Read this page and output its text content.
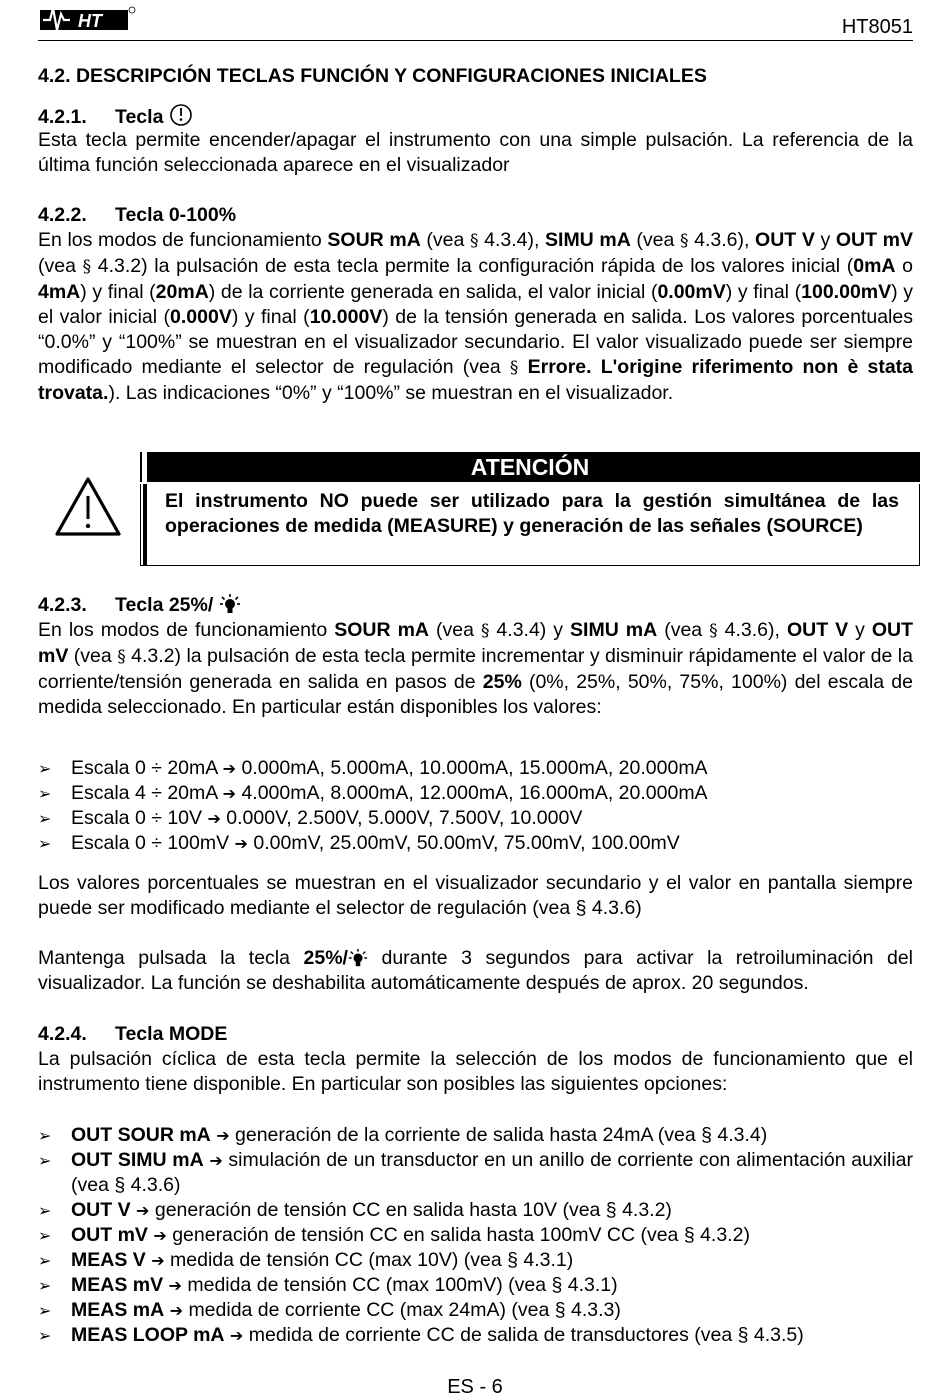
HT	HT8051
4.2. DESCRIPCIÓN TECLAS FUNCIÓN Y CONFIGURACIONES INICIALES
4.2.1. Tecla
Esta tecla permite encender/apagar el instrumento con una simple pulsación. La referencia de la última función seleccionada aparece en el visualizador
4.2.2. Tecla 0-100%
En los modos de funcionamiento SOUR mA (vea § 4.3.4), SIMU mA (vea § 4.3.6), OUT V y OUT mV (vea § 4.3.2) la pulsación de esta tecla permite la configuración rápida de los valores inicial (0mA o 4mA) y final (20mA) de la corriente generada en salida, el valor inicial (0.00mV) y final (100.00mV) y el valor inicial (0.000V) y final (10.000V) de la tensión generada en salida. Los valores porcentuales “0.0%” y “100%” se muestran en el visualizador secundario. El valor visualizado puede ser siempre modificado mediante el selector de regulación (vea § Errore. L'origine riferimento non è stata trovata.). Las indicaciones “0%” y “100%” se muestran en el visualizador.
ATENCIÓN
El instrumento NO puede ser utilizado para la gestión simultánea de las operaciones de medida (MEASURE) y generación de las señales (SOURCE)
4.2.3. Tecla 25%/
En los modos de funcionamiento SOUR mA (vea § 4.3.4) y SIMU mA (vea § 4.3.6), OUT V y OUT mV (vea § 4.3.2) la pulsación de esta tecla permite incrementar y disminuir rápidamente el valor de la corriente/tensión generada en salida en pasos de 25% (0%, 25%, 50%, 75%, 100%) del escala de medida seleccionado. En particular están disponibles los valores:
➢ Escala 0 ÷ 20mA ➔ 0.000mA, 5.000mA, 10.000mA, 15.000mA, 20.000mA
➢ Escala 4 ÷ 20mA ➔ 4.000mA, 8.000mA, 12.000mA, 16.000mA, 20.000mA
➢ Escala 0 ÷ 10V ➔ 0.000V, 2.500V, 5.000V, 7.500V, 10.000V
➢ Escala 0 ÷ 100mV ➔ 0.00mV, 25.00mV, 50.00mV, 75.00mV, 100.00mV
Los valores porcentuales se muestran en el visualizador secundario y el valor en pantalla siempre puede ser modificado mediante el selector de regulación (vea § 4.3.6)
Mantenga pulsada la tecla 25%/ durante 3 segundos para activar la retroiluminación del visualizador. La función se deshabilita automáticamente después de aprox. 20 segundos.
4.2.4. Tecla MODE
La pulsación cíclica de esta tecla permite la selección de los modos de funcionamiento que el instrumento tiene disponible. En particular son posibles las siguientes opciones:
➢ OUT SOUR mA ➔ generación de la corriente de salida hasta 24mA (vea § 4.3.4)
➢ OUT SIMU mA ➔ simulación de un transductor en un anillo de corriente con alimentación auxiliar (vea § 4.3.6)
➢ OUT V ➔ generación de tensión CC en salida hasta 10V (vea § 4.3.2)
➢ OUT mV ➔ generación de tensión CC en salida hasta 100mV CC (vea § 4.3.2)
➢ MEAS V ➔ medida de tensión CC (max 10V) (vea § 4.3.1)
➢ MEAS mV ➔ medida de tensión CC (max 100mV) (vea § 4.3.1)
➢ MEAS mA ➔ medida de corriente CC (max 24mA) (vea § 4.3.3)
➢ MEAS LOOP mA ➔ medida de corriente CC de salida de transductores (vea § 4.3.5)
ES - 6
